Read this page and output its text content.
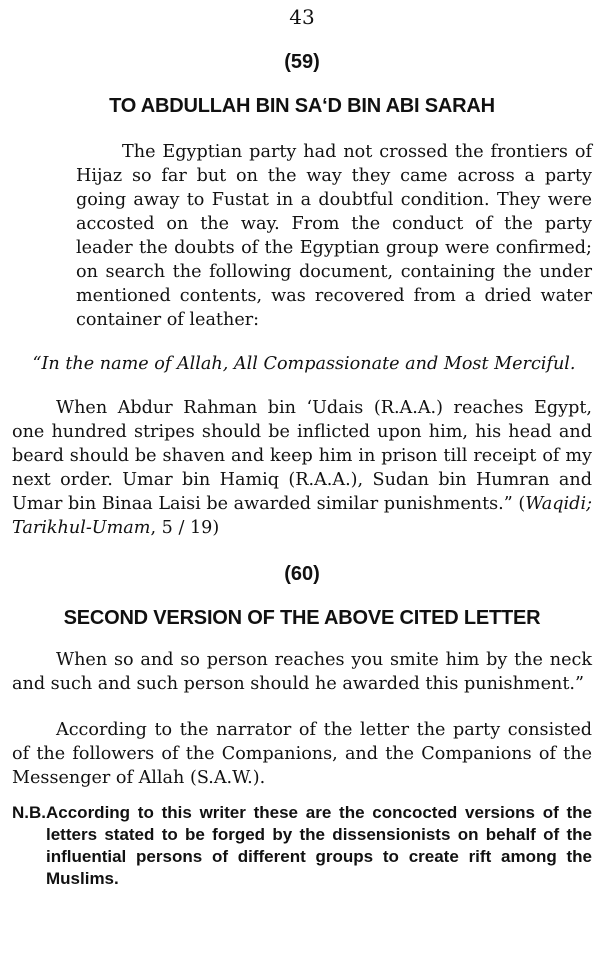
43
(59)
TO ABDULLAH BIN SA‘D BIN ABI SARAH

The Egyptian party had not crossed the frontiers of Hijaz so far but on the way they came across a party going away to Fustat in a doubtful condition. They were accosted on the way. From the conduct of the party leader the doubts of the Egyptian group were confirmed; on search the following document, containing the under mentioned contents, was recovered from a dried water container of leather:

“In the name of Allah, All Compassionate and Most Merciful.

When Abdur Rahman bin ‘Udais (R.A.A.) reaches Egypt, one hundred stripes should be inflicted upon him, his head and beard should be shaven and keep him in prison till receipt of my next order. Umar bin Hamiq (R.A.A.), Sudan bin Humran and Umar bin Binaa Laisi be awarded similar punishments.” (Waqidi; Tarikhul-Umam, 5 / 19)

(60)
SECOND VERSION OF THE ABOVE CITED LETTER

When so and so person reaches you smite him by the neck and such and such person should he awarded this punishment.”

According to the narrator of the letter the party consisted of the followers of the Companions, and the Companions of the Messenger of Allah (S.A.W.).

N.B. According to this writer these are the concocted versions of the letters stated to be forged by the dissensionists on behalf of the influential persons of different groups to create rift among the Muslims.
